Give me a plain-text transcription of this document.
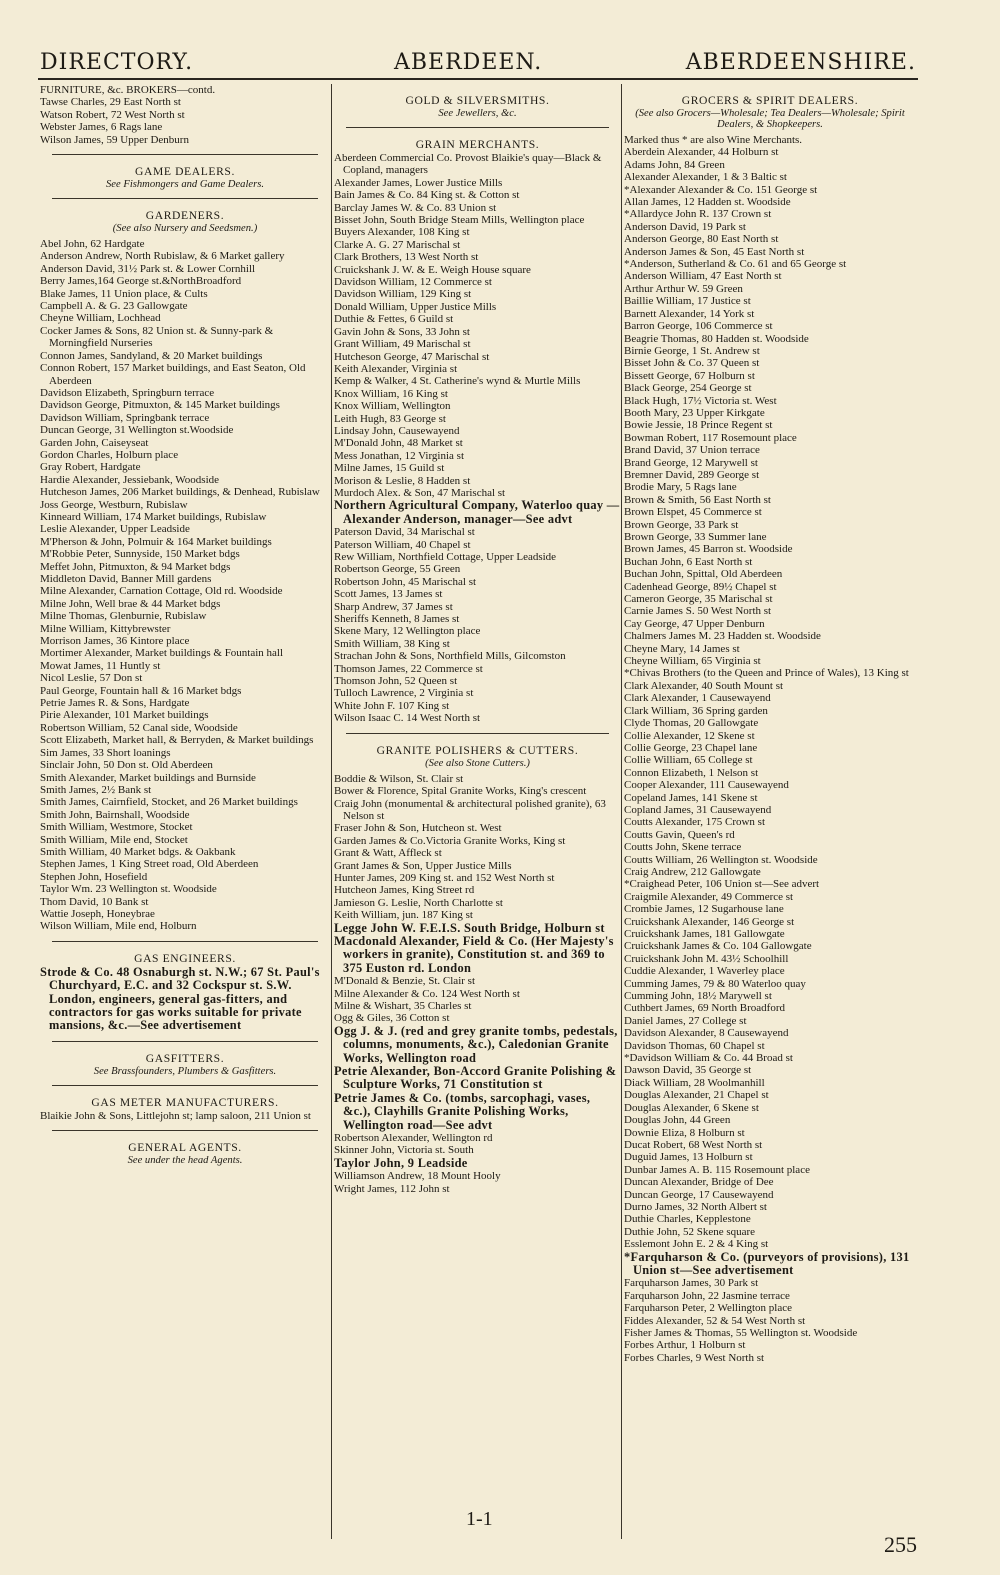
DIRECTORY.	ABERDEEN.	ABERDEENSHIRE.
FURNITURE, &c. BROKERS—contd.
Tawse Charles, 29 East North st
Watson Robert, 72 West North st
Webster James, 6 Rags lane
Wilson James, 59 Upper Denburn
GAME DEALERS.
See Fishmongers and Game Dealers.
GARDENERS.
(See also Nursery and Seedsmen.)
Abel John, 62 Hardgate
Anderson Andrew, North Rubislaw, & 6 Market gallery
Anderson David, 31½ Park st. & Lower Cornhill
Berry James,164 George st.&NorthBroadford
Blake James, 11 Union place, & Cults
Campbell A. & G. 23 Gallowgate
Cheyne William, Lochhead
Cocker James & Sons, 82 Union st. & Sunny-park & Morningfield Nurseries
Connon James, Sandyland, & 20 Market buildings
Connon Robert, 157 Market buildings, and East Seaton, Old Aberdeen
Davidson Elizabeth, Springburn terrace
Davidson George, Pitmuxton, & 145 Market buildings
Davidson William, Springbank terrace
Duncan George, 31 Wellington st.Woodside
Garden John, Caiseyseat
Gordon Charles, Holburn place
Gray Robert, Hardgate
Hardie Alexander, Jessiebank, Woodside
Hutcheson James, 206 Market buildings, & Denhead, Rubislaw
Joss George, Westburn, Rubislaw
Kinneard William, 174 Market buildings, Rubislaw
Leslie Alexander, Upper Leadside
M'Pherson & John, Polmuir & 164 Market buildings
M'Robbie Peter, Sunnyside, 150 Market bdgs
Meffet John, Pitmuxton, & 94 Market bdgs
Middleton David, Banner Mill gardens
Milne Alexander, Carnation Cottage, Old rd. Woodside
Milne John, Well brae & 44 Market bdgs
Milne Thomas, Glenburnie, Rubislaw
Milne William, Kittybrewster
Morrison James, 36 Kintore place
Mortimer Alexander, Market buildings & Fountain hall
Mowat James, 11 Huntly st
Nicol Leslie, 57 Don st
Paul George, Fountain hall & 16 Market bdgs
Petrie James R. & Sons, Hardgate
Pirie Alexander, 101 Market buildings
Robertson William, 52 Canal side, Woodside
Scott Elizabeth, Market hall, & Berryden, & Market buildings
Sim James, 33 Short loanings
Sinclair John, 50 Don st. Old Aberdeen
Smith Alexander, Market buildings and Burnside
Smith James, 2½ Bank st
Smith James, Cairnfield, Stocket, and 26 Market buildings
Smith John, Bairnshall, Woodside
Smith William, Westmore, Stocket
Smith William, Mile end, Stocket
Smith William, 40 Market bdgs. & Oakbank
Stephen James, 1 King Street road, Old Aberdeen
Stephen John, Hosefield
Taylor Wm. 23 Wellington st. Woodside
Thom David, 10 Bank st
Wattie Joseph, Honeybrae
Wilson William, Mile end, Holburn
GAS ENGINEERS.
Strode & Co. 48 Osnaburgh st. N.W.; 67 St. Paul's Churchyard, E.C. and 32 Cockspur st. S.W. London, engineers, general gas-fitters, and contractors for gas works suitable for private mansions, &c.—See advertisement
GASFITTERS.
See Brassfounders, Plumbers & Gasfitters.
GAS METER MANUFACTURERS.
Blaikie John & Sons, Littlejohn st; lamp saloon, 211 Union st
GENERAL AGENTS.
See under the head Agents.
GOLD & SILVERSMITHS.
See Jewellers, &c.
GRAIN MERCHANTS.
Aberdeen Commercial Co. Provost Blaikie's quay—Black & Copland, managers
Alexander James, Lower Justice Mills
Bain James & Co. 84 King st. & Cotton st
Barclay James W. & Co. 83 Union st
Bisset John, South Bridge Steam Mills, Wellington place
Buyers Alexander, 108 King st
Clarke A. G. 27 Marischal st
Clark Brothers, 13 West North st
Cruickshank J. W. & E. Weigh House square
Davidson William, 12 Commerce st
Davidson William, 129 King st
Donald William, Upper Justice Mills
Duthie & Fettes, 6 Guild st
Gavin John & Sons, 33 John st
Grant William, 49 Marischal st
Hutcheson George, 47 Marischal st
Keith Alexander, Virginia st
Kemp & Walker, 4 St. Catherine's wynd & Murtle Mills
Knox William, 16 King st
Knox William, Wellington
Leith Hugh, 83 George st
Lindsay John, Causewayend
M'Donald John, 48 Market st
Mess Jonathan, 12 Virginia st
Milne James, 15 Guild st
Morison & Leslie, 8 Hadden st
Murdoch Alex. & Son, 47 Marischal st
Northern Agricultural Company, Waterloo quay — Alexander Anderson, manager—See advt
Paterson David, 34 Marischal st
Paterson William, 40 Chapel st
Rew William, Northfield Cottage, Upper Leadside
Robertson George, 55 Green
Robertson John, 45 Marischal st
Scott James, 13 James st
Sharp Andrew, 37 James st
Sheriffs Kenneth, 8 James st
Skene Mary, 12 Wellington place
Smith William, 38 King st
Strachan John & Sons, Northfield Mills, Gilcomston
Thomson James, 22 Commerce st
Thomson John, 52 Queen st
Tulloch Lawrence, 2 Virginia st
White John F. 107 King st
Wilson Isaac C. 14 West North st
GRANITE POLISHERS & CUTTERS.
(See also Stone Cutters.)
Boddie & Wilson, St. Clair st
Bower & Florence, Spital Granite Works, King's crescent
Craig John (monumental & architectural polished granite), 63 Nelson st
Fraser John & Son, Hutcheon st. West
Garden James & Co.Victoria Granite Works, King st
Grant & Watt, Affleck st
Grant James & Son, Upper Justice Mills
Hunter James, 209 King st. and 152 West North st
Hutcheon James, King Street rd
Jamieson G. Leslie, North Charlotte st
Keith William, jun. 187 King st
Legge John W. F.E.I.S. South Bridge, Holburn st
Macdonald Alexander, Field & Co. (Her Majesty's workers in granite), Constitution st. and 369 to 375 Euston rd. London
M'Donald & Benzie, St. Clair st
Milne Alexander & Co. 124 West North st
Milne & Wishart, 35 Charles st
Ogg & Giles, 36 Cotton st
Ogg J. & J. (red and grey granite tombs, pedestals, columns, monuments, &c.), Caledonian Granite Works, Wellington road
Petrie Alexander, Bon-Accord Granite Polishing & Sculpture Works, 71 Constitution st
Petrie James & Co. (tombs, sarcophagi, vases, &c.), Clayhills Granite Polishing Works, Wellington road—See advt
Robertson Alexander, Wellington rd
Skinner John, Victoria st. South
Taylor John, 9 Leadside
Williamson Andrew, 18 Mount Hooly
Wright James, 112 John st
GROCERS & SPIRIT DEALERS.
(See also Grocers—Wholesale; Tea Dealers—Wholesale; Spirit Dealers, & Shopkeepers.
Marked thus * are also Wine Merchants.
Aberdein Alexander, 44 Holburn st
Adams John, 84 Green
Alexander Alexander, 1 & 3 Baltic st
*Alexander Alexander & Co. 151 George st
Allan James, 12 Hadden st. Woodside
*Allardyce John R. 137 Crown st
Anderson David, 19 Park st
Anderson George, 80 East North st
Anderson James & Son, 45 East North st
*Anderson, Sutherland & Co. 61 and 65 George st
Anderson William, 47 East North st
Arthur Arthur W. 59 Green
Baillie William, 17 Justice st
Barnett Alexander, 14 York st
Barron George, 106 Commerce st
Beagrie Thomas, 80 Hadden st. Woodside
Birnie George, 1 St. Andrew st
Bisset John & Co. 37 Queen st
Bissett George, 67 Holburn st
Black George, 254 George st
Black Hugh, 17½ Victoria st. West
Booth Mary, 23 Upper Kirkgate
Bowie Jessie, 18 Prince Regent st
Bowman Robert, 117 Rosemount place
Brand David, 37 Union terrace
Brand George, 12 Marywell st
Bremner David, 289 George st
Brodie Mary, 5 Rags lane
Brown & Smith, 56 East North st
Brown Elspet, 45 Commerce st
Brown George, 33 Park st
Brown George, 33 Summer lane
Brown James, 45 Barron st. Woodside
Buchan John, 6 East North st
Buchan John, Spittal, Old Aberdeen
Cadenhead George, 89½ Chapel st
Cameron George, 35 Marischal st
Carnie James S. 50 West North st
Cay George, 47 Upper Denburn
Chalmers James M. 23 Hadden st. Woodside
Cheyne Mary, 14 James st
Cheyne William, 65 Virginia st
*Chivas Brothers (to the Queen and Prince of Wales), 13 King st
Clark Alexander, 40 South Mount st
Clark Alexander, 1 Causewayend
Clark William, 36 Spring garden
Clyde Thomas, 20 Gallowgate
Collie Alexander, 12 Skene st
Collie George, 23 Chapel lane
Collie William, 65 College st
Connon Elizabeth, 1 Nelson st
Cooper Alexander, 111 Causewayend
Copeland James, 141 Skene st
Copland James, 31 Causewayend
Coutts Alexander, 175 Crown st
Coutts Gavin, Queen's rd
Coutts John, Skene terrace
Coutts William, 26 Wellington st. Woodside
Craig Andrew, 212 Gallowgate
*Craighead Peter, 106 Union st—See advert
Craigmile Alexander, 49 Commerce st
Crombie James, 12 Sugarhouse lane
Cruickshank Alexander, 146 George st
Cruickshank James, 181 Gallowgate
Cruickshank James & Co. 104 Gallowgate
Cruickshank John M. 43½ Schoolhill
Cuddie Alexander, 1 Waverley place
Cumming James, 79 & 80 Waterloo quay
Cumming John, 18½ Marywell st
Cuthbert James, 69 North Broadford
Daniel James, 27 College st
Davidson Alexander, 8 Causewayend
Davidson Thomas, 60 Chapel st
*Davidson William & Co. 44 Broad st
Dawson David, 35 George st
Diack William, 28 Woolmanhill
Douglas Alexander, 21 Chapel st
Douglas Alexander, 6 Skene st
Douglas John, 44 Green
Downie Eliza, 8 Holburn st
Ducat Robert, 68 West North st
Duguid James, 13 Holburn st
Dunbar James A. B. 115 Rosemount place
Duncan Alexander, Bridge of Dee
Duncan George, 17 Causewayend
Durno James, 32 North Albert st
Duthie Charles, Kepplestone
Duthie John, 52 Skene square
Esslemont John E. 2 & 4 King st
*Farquharson & Co. (purveyors of provisions), 131 Union st—See advertisement
Farquharson James, 30 Park st
Farquharson John, 22 Jasmine terrace
Farquharson Peter, 2 Wellington place
Fiddes Alexander, 52 & 54 West North st
Fisher James & Thomas, 55 Wellington st. Woodside
Forbes Arthur, 1 Holburn st
Forbes Charles, 9 West North st
1-1
255
